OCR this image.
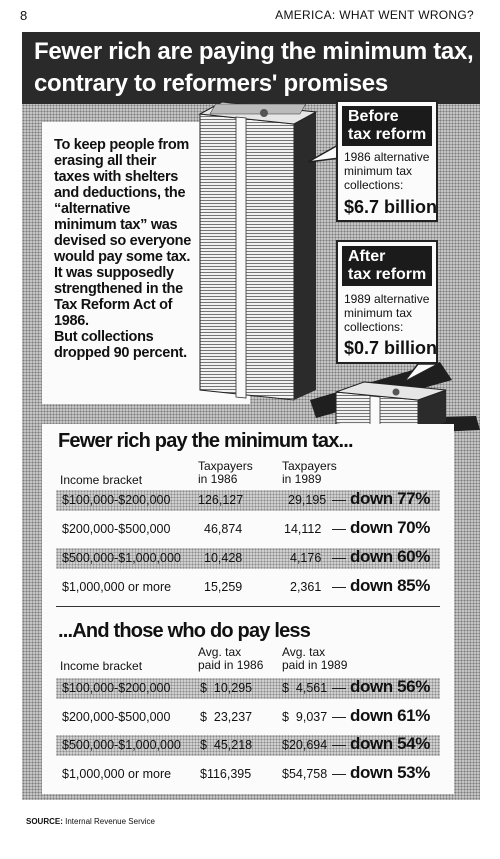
8	AMERICA: WHAT WENT WRONG?
Fewer rich are paying the minimum tax,
contrary to reformers' promises
To keep people from
erasing all their
taxes with shelters
and deductions, the
“alternative
minimum tax” was
devised so everyone
would pay some tax.
It was supposedly
strengthened in the
Tax Reform Act of
1986.
But collections
dropped 90 percent.
Before
tax reform
1986 alternative
minimum tax
collections:
$6.7 billion
After
tax reform
1989 alternative
minimum tax
collections:
$0.7 billion
Fewer rich pay the minimum tax...
Income bracket
Taxpayers
in 1986
Taxpayers
in 1989
$100,000-$200,000 126,127	29,195 — down 77%
$200,000-$500,000	46,874	14,112 — down 70%
$500,000-$1,000,000 10,428	4,176 — down 60%
$1,000,000 or more	15,259	2,361 — down 85%
...And those who do pay less
Income bracket
Avg. tax
paid in 1986
Avg. tax
paid in 1989
$100,000-$200,000 $  10,295 $  4,561 — down 56%
$200,000-$500,000 $  23,237 $  9,037 — down 61%
$500,000-$1,000,000 $  45,218 $20,694 — down 54%
$1,000,000 or more $116,395 $54,758 — down 53%
SOURCE: Internal Revenue Service
